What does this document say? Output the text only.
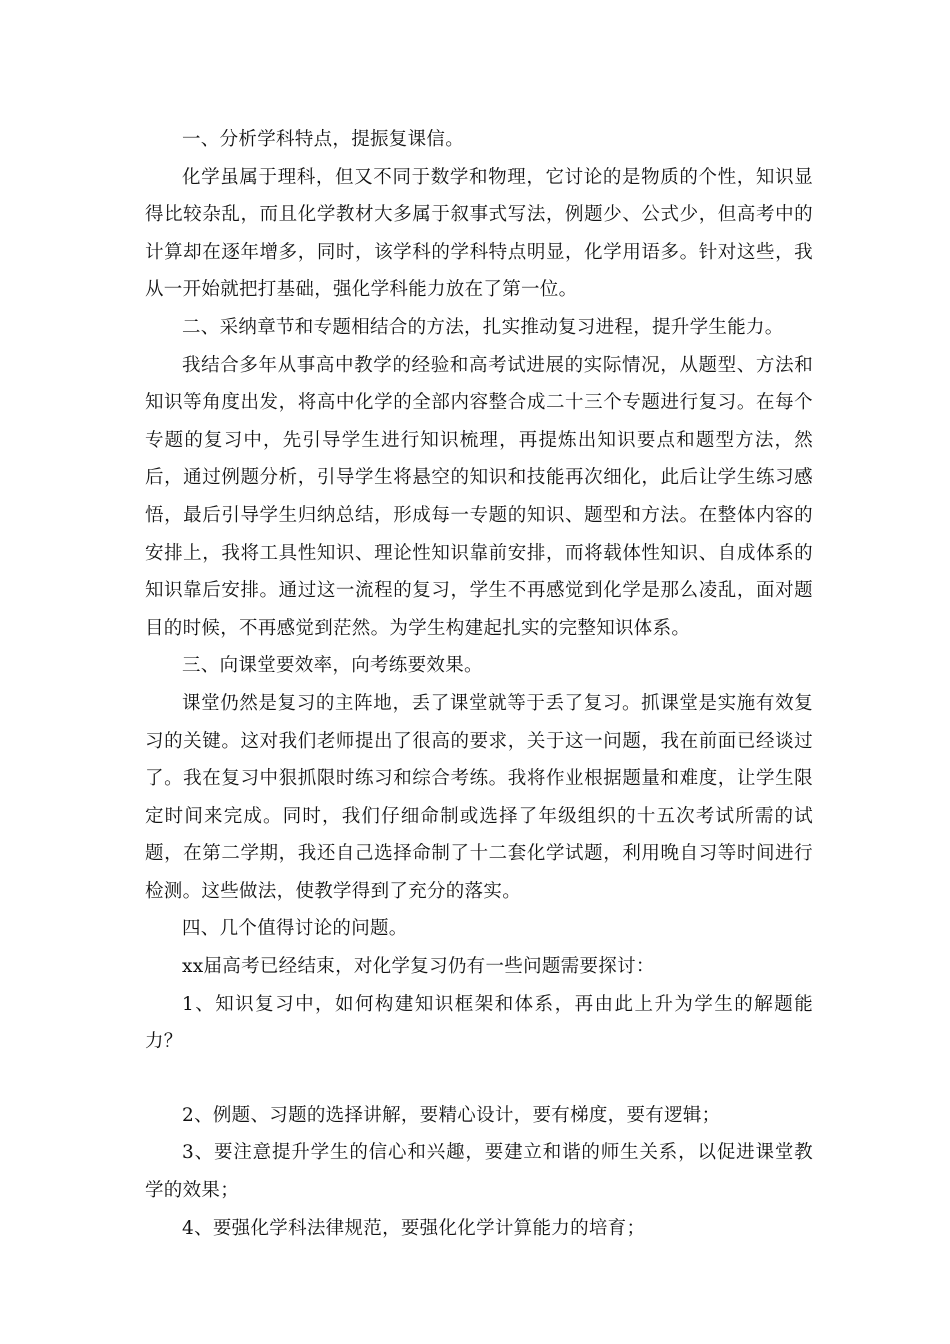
一、分析学科特点，提振复课信。

化学虽属于理科，但又不同于数学和物理，它讨论的是物质的个性，知识显得比较杂乱，而且化学教材大多属于叙事式写法，例题少、公式少，但高考中的计算却在逐年增多，同时，该学科的学科特点明显，化学用语多。针对这些，我从一开始就把打基础，强化学科能力放在了第一位。

二、采纳章节和专题相结合的方法，扎实推动复习进程，提升学生能力。

我结合多年从事高中教学的经验和高考试进展的实际情况，从题型、方法和知识等角度出发，将高中化学的全部内容整合成二十三个专题进行复习。在每个专题的复习中，先引导学生进行知识梳理，再提炼出知识要点和题型方法，然后，通过例题分析，引导学生将悬空的知识和技能再次细化，此后让学生练习感悟，最后引导学生归纳总结，形成每一专题的知识、题型和方法。在整体内容的安排上，我将工具性知识、理论性知识靠前安排，而将载体性知识、自成体系的知识靠后安排。通过这一流程的复习，学生不再感觉到化学是那么凌乱，面对题目的时候，不再感觉到茫然。为学生构建起扎实的完整知识体系。

三、向课堂要效率，向考练要效果。

课堂仍然是复习的主阵地，丢了课堂就等于丢了复习。抓课堂是实施有效复习的关键。这对我们老师提出了很高的要求，关于这一问题，我在前面已经谈过了。我在复习中狠抓限时练习和综合考练。我将作业根据题量和难度，让学生限定时间来完成。同时，我们仔细命制或选择了年级组织的十五次考试所需的试题，在第二学期，我还自己选择命制了十二套化学试题，利用晚自习等时间进行检测。这些做法，使教学得到了充分的落实。

四、几个值得讨论的问题。

xx届高考已经结束，对化学复习仍有一些问题需要探讨：

1、知识复习中，如何构建知识框架和体系，再由此上升为学生的解题能力？

2、例题、习题的选择讲解，要精心设计，要有梯度，要有逻辑；

3、要注意提升学生的信心和兴趣，要建立和谐的师生关系，以促进课堂教学的效果；

4、要强化学科法律规范，要强化化学计算能力的培育；
